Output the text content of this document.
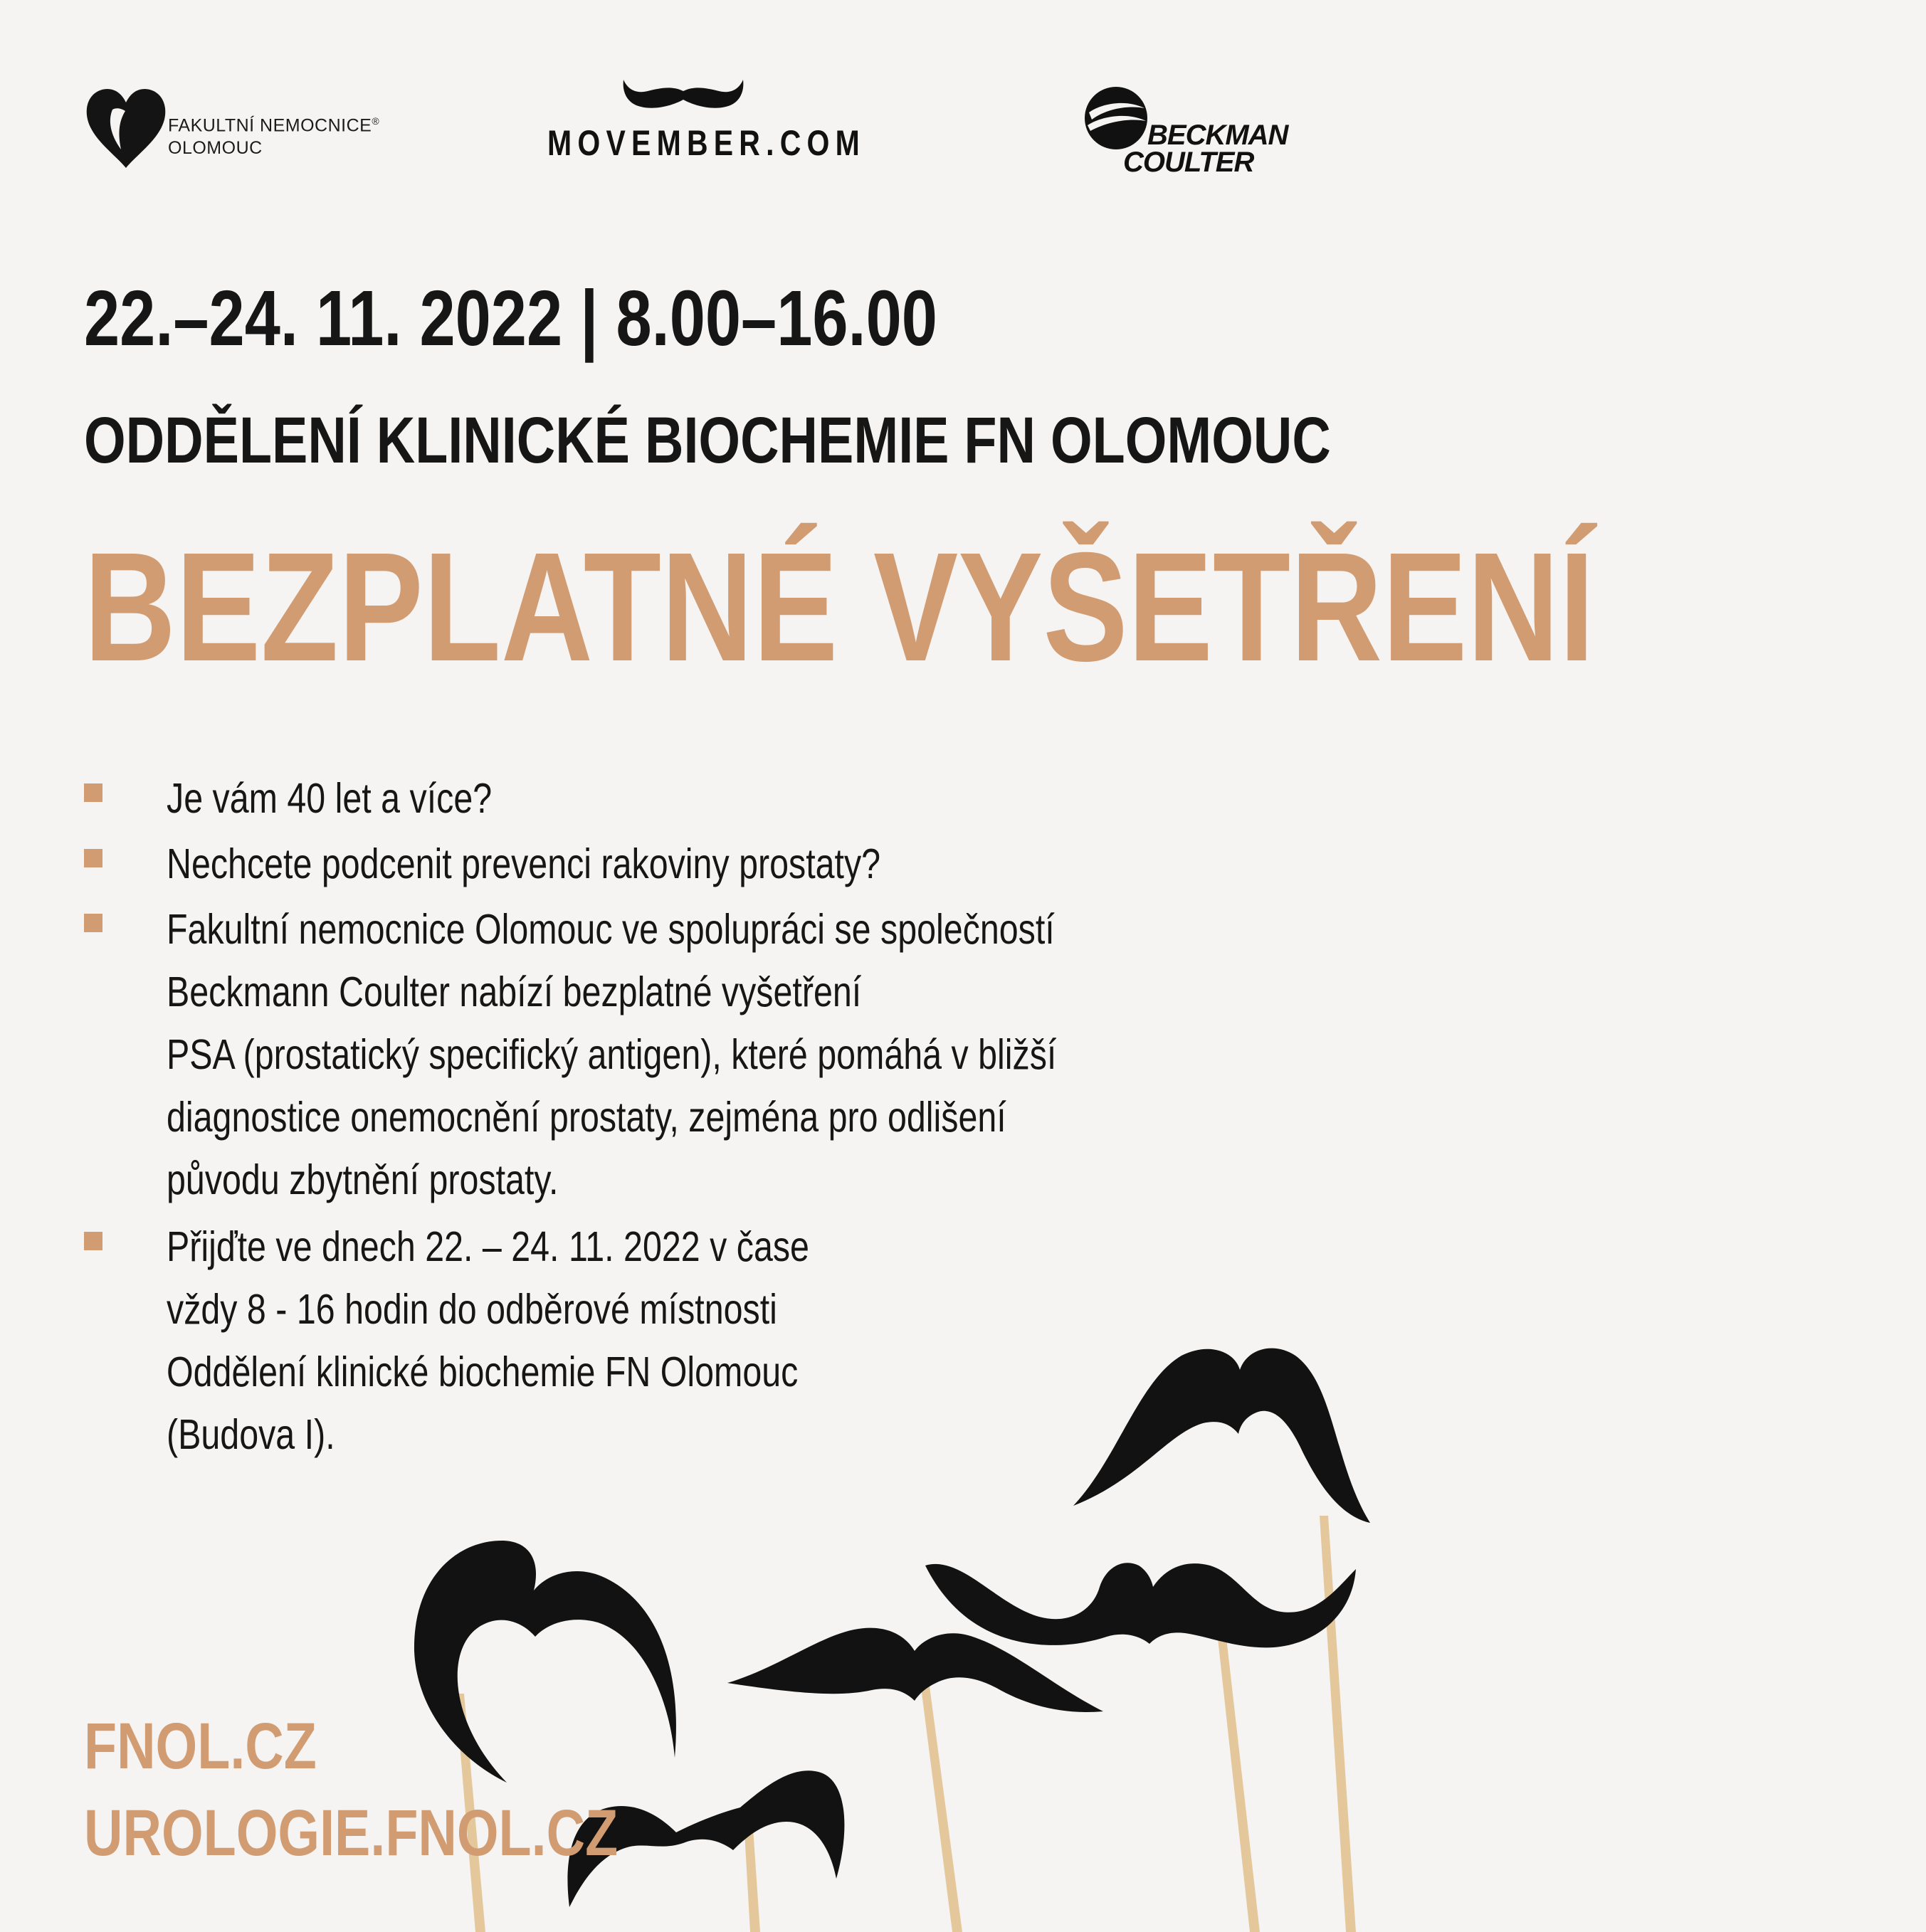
FAKULTNÍ NEMOCNICE®
OLOMOUC	MOVEMBER.COM	BECKMAN
COULTER
22.–24. 11. 2022 | 8.00–16.00
ODDĚLENÍ KLINICKÉ BIOCHEMIE FN OLOMOUC
BEZPLATNÉ VYŠETŘENÍ
Je vám 40 let a více?
Nechcete podcenit prevenci rakoviny prostaty?
Fakultní nemocnice Olomouc ve spolupráci se společností
Beckmann Coulter nabízí bezplatné vyšetření
PSA (prostatický specifický antigen), které pomáhá v bližší
diagnostice onemocnění prostaty, zejména pro odlišení
původu zbytnění prostaty.
Přijďte ve dnech 22. – 24. 11. 2022 v čase
vždy 8 - 16 hodin do odběrové místnosti
Oddělení klinické biochemie FN Olomouc
(Budova I).
FNOL.CZ
UROLOGIE.FNOL.CZ
